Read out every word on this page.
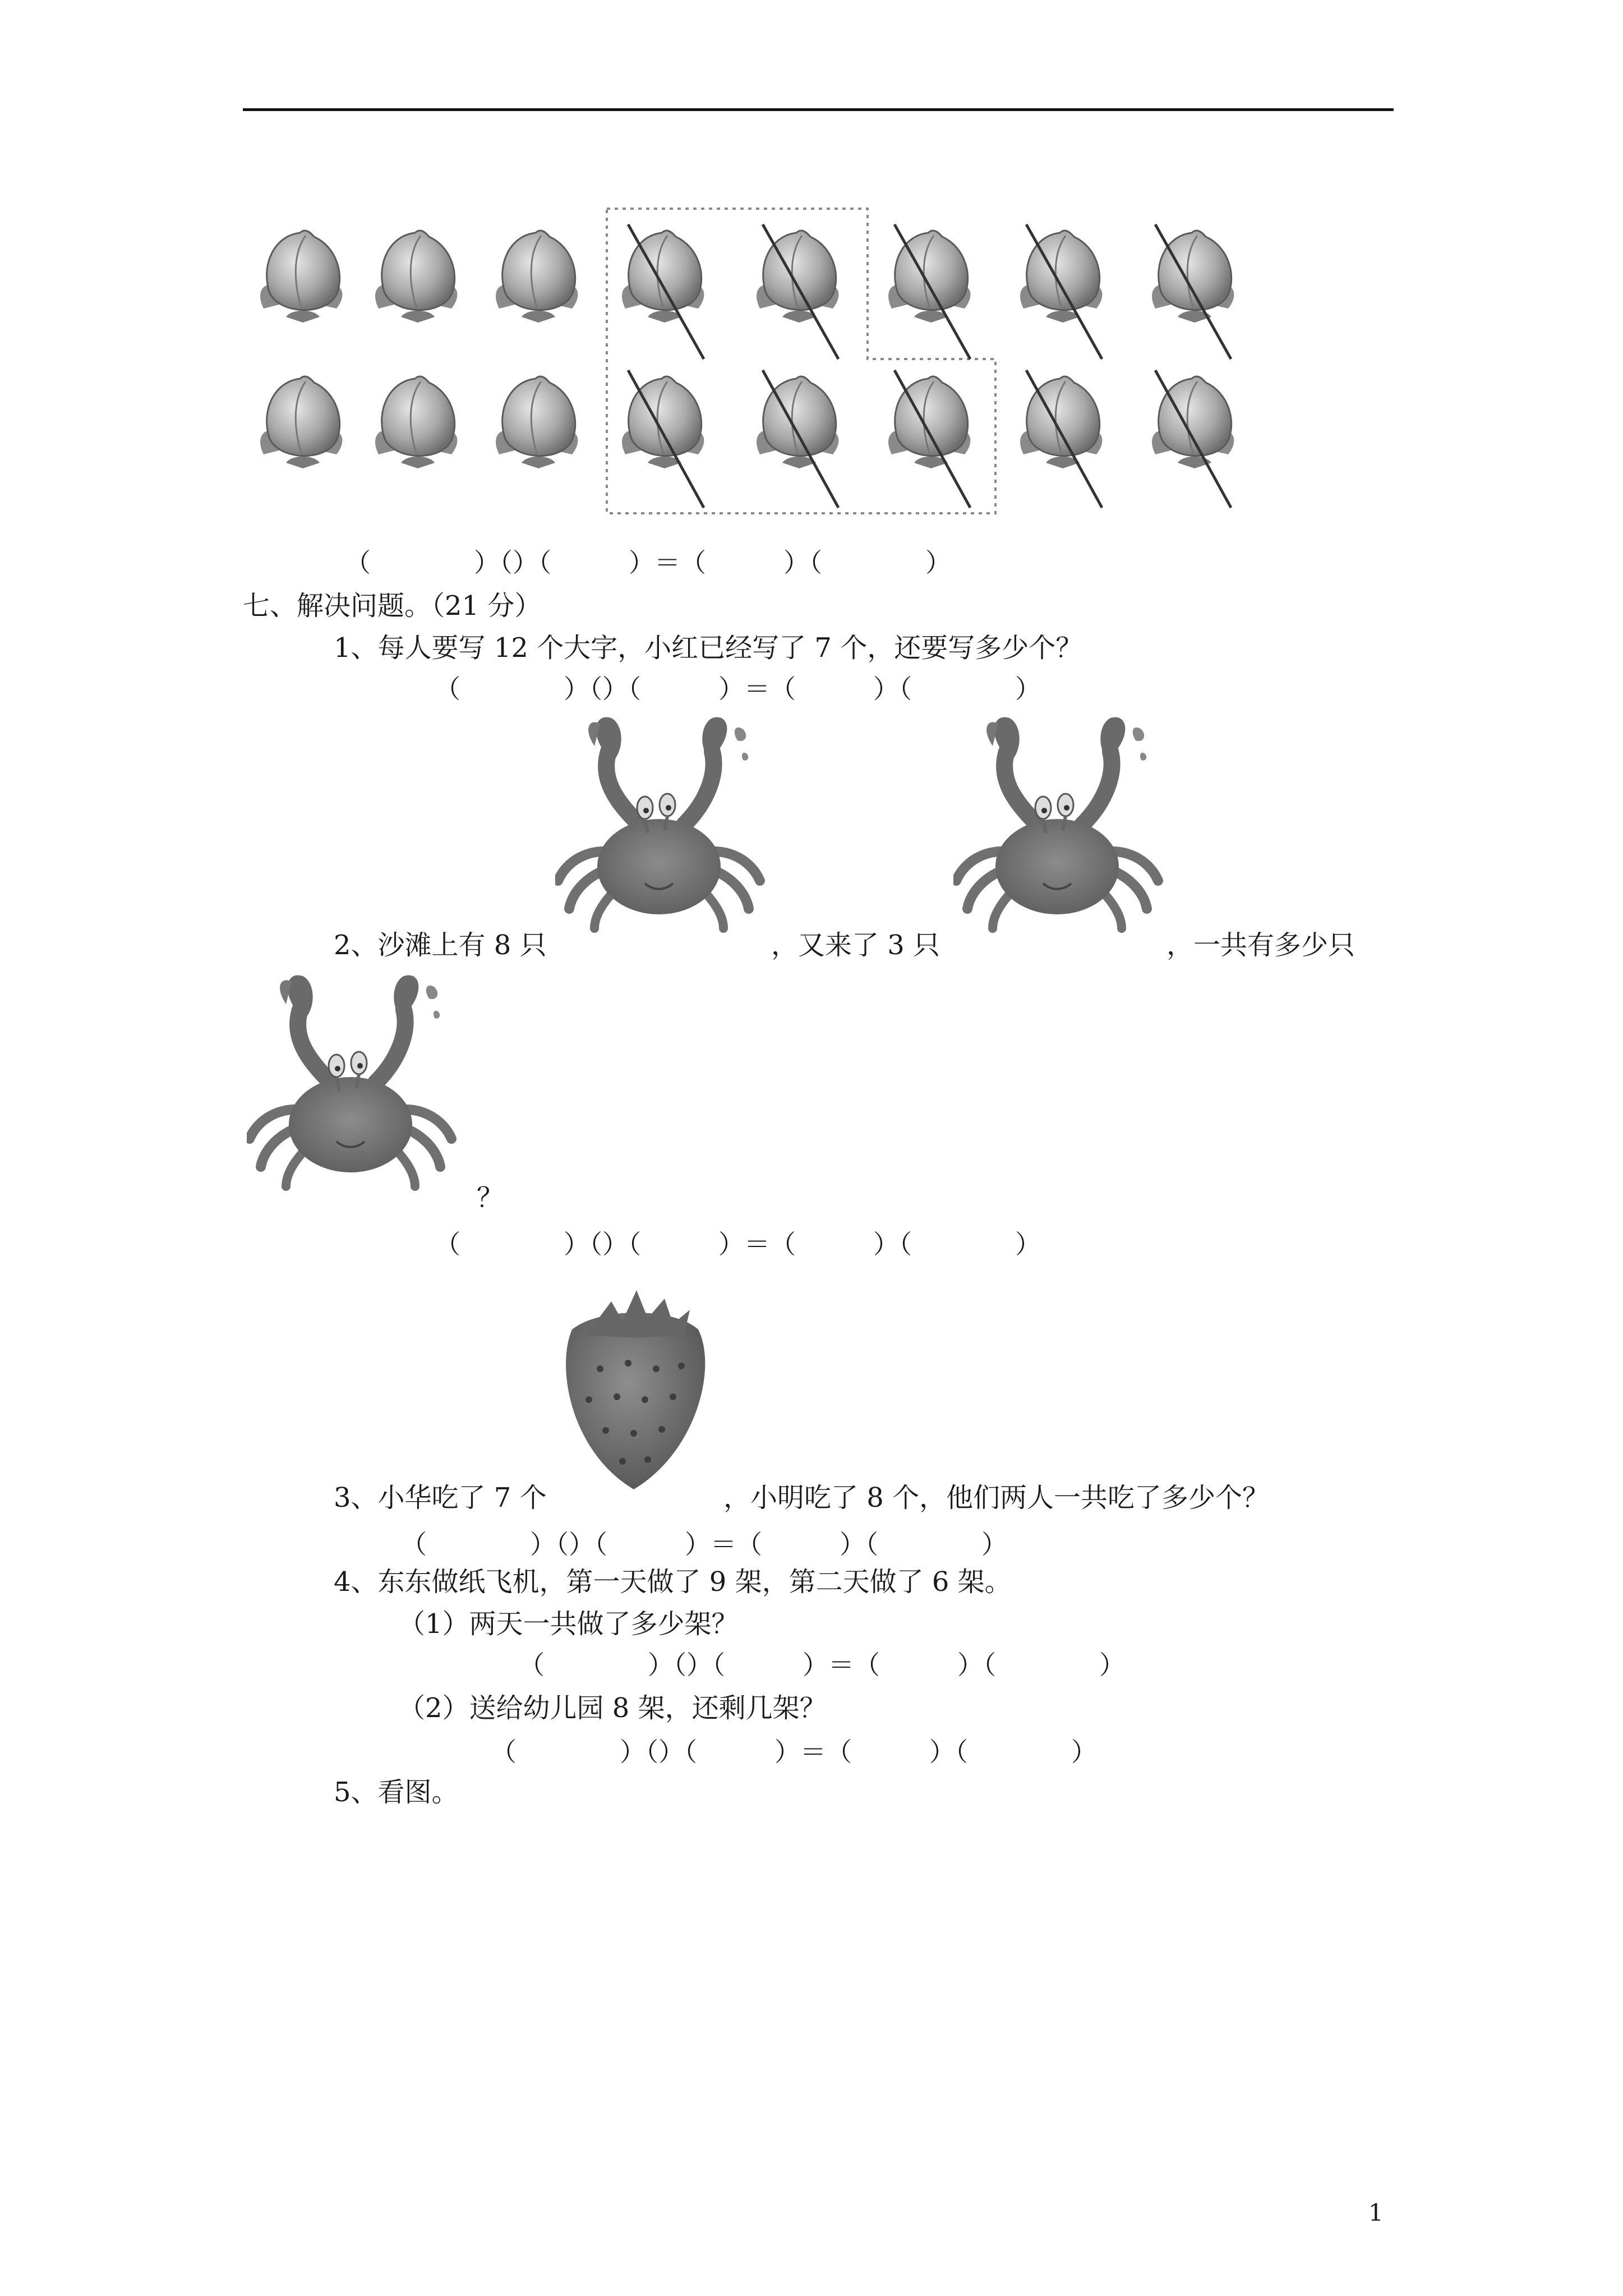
（　　　　）（）（　　　）＝（　　　）（　　　　）
七、解决问题。（21 分）
1、每人要写 12 个大字，小红已经写了 7 个，还要写多少个？
（　　　　）（）（　　　）＝（　　　）（　　　　）
2、沙滩上有 8 只	，又来了 3 只	，一共有多少只
？
（　　　　）（）（　　　）＝（　　　）（　　　　）
3、小华吃了 7 个	，小明吃了 8 个，他们两人一共吃了多少个？
（　　　　）（）（　　　）＝（　　　）（　　　　）
4、东东做纸飞机，第一天做了 9 架，第二天做了 6 架。
（1）两天一共做了多少架？
（　　　　）（）（　　　）＝（　　　）（　　　　）
（2）送给幼儿园 8 架，还剩几架？
（　　　　）（）（　　　）＝（　　　）（　　　　）
5、看图。
1
